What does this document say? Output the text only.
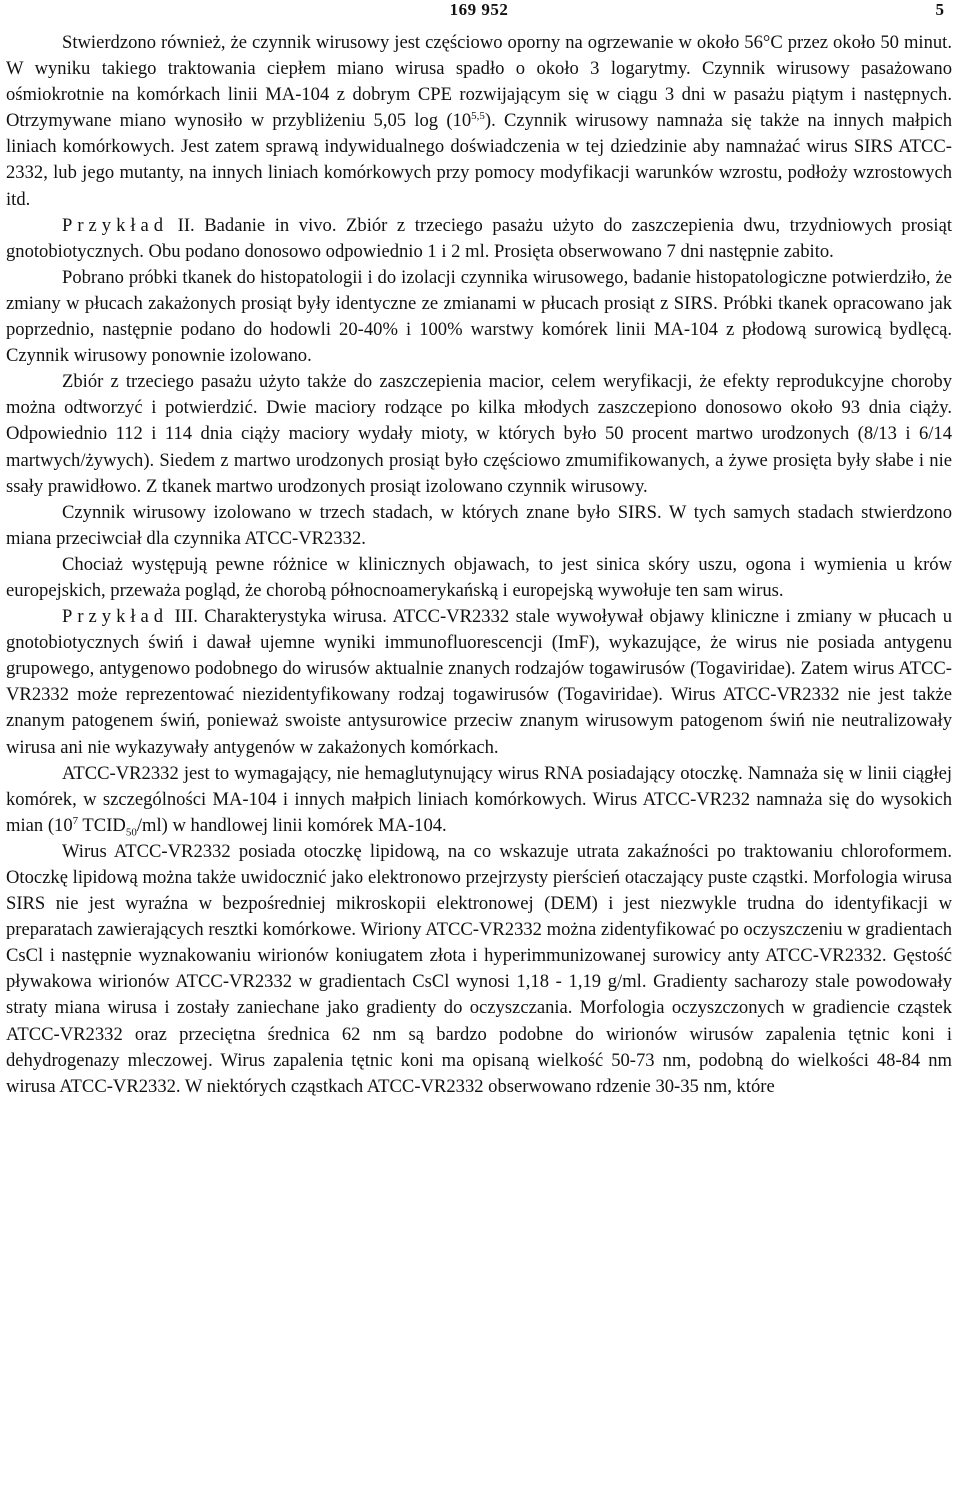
169 952	5

Stwierdzono również, że czynnik wirusowy jest częściowo oporny na ogrzewanie w około 56°C przez około 50 minut. W wyniku takiego traktowania ciepłem miano wirusa spadło o około 3 logarytmy. Czynnik wirusowy pasażowano ośmiokrotnie na komórkach linii MA-104 z dobrym CPE rozwijającym się w ciągu 3 dni w pasażu piątym i następnych. Otrzymywane miano wynosiło w przybliżeniu 5,05 log (10$^{5,5}$). Czynnik wirusowy namnaża się także na innych małpich liniach komórkowych. Jest zatem sprawą indywidualnego doświadczenia w tej dziedzinie aby namnażać wirus SIRS ATCC-2332, lub jego mutanty, na innych liniach komórkowych przy pomocy modyfikacji warunków wzrostu, podłoży wzrostowych itd.

Przykład II. Badanie in vivo. Zbiór z trzeciego pasażu użyto do zaszczepienia dwu, trzydniowych prosiąt gnotobiotycznych. Obu podano donosowo odpowiednio 1 i 2 ml. Prosięta obserwowano 7 dni następnie zabito.

Pobrano próbki tkanek do histopatologii i do izolacji czynnika wirusowego, badanie histopatologiczne potwierdziło, że zmiany w płucach zakażonych prosiąt były identyczne ze zmianami w płucach prosiąt z SIRS. Próbki tkanek opracowano jak poprzednio, następnie podano do hodowli 20-40% i 100% warstwy komórek linii MA-104 z płodową surowicą bydlęcą. Czynnik wirusowy ponownie izolowano.

Zbiór z trzeciego pasażu użyto także do zaszczepienia macior, celem weryfikacji, że efekty reprodukcyjne choroby można odtworzyć i potwierdzić. Dwie maciory rodzące po kilka młodych zaszczepiono donosowo około 93 dnia ciąży. Odpowiednio 112 i 114 dnia ciąży maciory wydały mioty, w których było 50 procent martwo urodzonych (8/13 i 6/14 martwych/żywych). Siedem z martwo urodzonych prosiąt było częściowo zmumifikowanych, a żywe prosięta były słabe i nie ssały prawidłowo. Z tkanek martwo urodzonych prosiąt izolowano czynnik wirusowy.

Czynnik wirusowy izolowano w trzech stadach, w których znane było SIRS. W tych samych stadach stwierdzono miana przeciwciał dla czynnika ATCC-VR2332.

Chociaż występują pewne różnice w klinicznych objawach, to jest sinica skóry uszu, ogona i wymienia u krów europejskich, przeważa pogląd, że chorobą północnoamerykańską i europejską wywołuje ten sam wirus.

Przykład III. Charakterystyka wirusa. ATCC-VR2332 stale wywoływał objawy kliniczne i zmiany w płucach u gnotobiotycznych świń i dawał ujemne wyniki immunofluorescencji (ImF), wykazujące, że wirus nie posiada antygenu grupowego, antygenowo podobnego do wirusów aktualnie znanych rodzajów togawirusów (Togaviridae). Zatem wirus ATCC-VR2332 może reprezentować niezidentyfikowany rodzaj togawirusów (Togaviridae). Wirus ATCC-VR2332 nie jest także znanym patogenem świń, ponieważ swoiste antysurowice przeciw znanym wirusowym patogenom świń nie neutralizowały wirusa ani nie wykazywały antygenów w zakażonych komórkach.

ATCC-VR2332 jest to wymagający, nie hemaglutynujący wirus RNA posiadający otoczkę. Namnaża się w linii ciągłej komórek, w szczególności MA-104 i innych małpich liniach komórkowych. Wirus ATCC-VR232 namnaża się do wysokich mian ($10^7$ $TCID_{50}/ml$) w handlowej linii komórek MA-104.

Wirus ATCC-VR2332 posiada otoczkę lipidową, na co wskazuje utrata zakaźności po traktowaniu chloroformem. Otoczkę lipidową można także uwidocznić jako elektronowo przejrzysty pierścień otaczający puste cząstki. Morfologia wirusa SIRS nie jest wyraźna w bezpośredniej mikroskopii elektronowej (DEM) i jest niezwykle trudna do identyfikacji w preparatach zawierających resztki komórkowe. Wiriony ATCC-VR2332 można zidentyfikować po oczyszczeniu w gradientach CsCl i następnie wyznakowaniu wirionów koniugatem złota i hyperimmunizowanej surowicy anty ATCC-VR2332. Gęstość pływakowa wirionów ATCC-VR2332 w gradientach CsCl wynosi 1,18 - 1,19 g/ml. Gradienty sacharozy stale powodowały straty miana wirusa i zostały zaniechane jako gradienty do oczyszczania. Morfologia oczyszczonych w gradiencie cząstek ATCC-VR2332 oraz przeciętna średnica 62 nm są bardzo podobne do wirionów wirusów zapalenia tętnic koni i dehydrogenazy mleczowej. Wirus zapalenia tętnic koni ma opisaną wielkość 50-73 nm, podobną do wielkości 48-84 nm wirusa ATCC-VR2332. W niektórych cząstkach ATCC-VR2332 obserwowano rdzenie 30-35 nm, które
